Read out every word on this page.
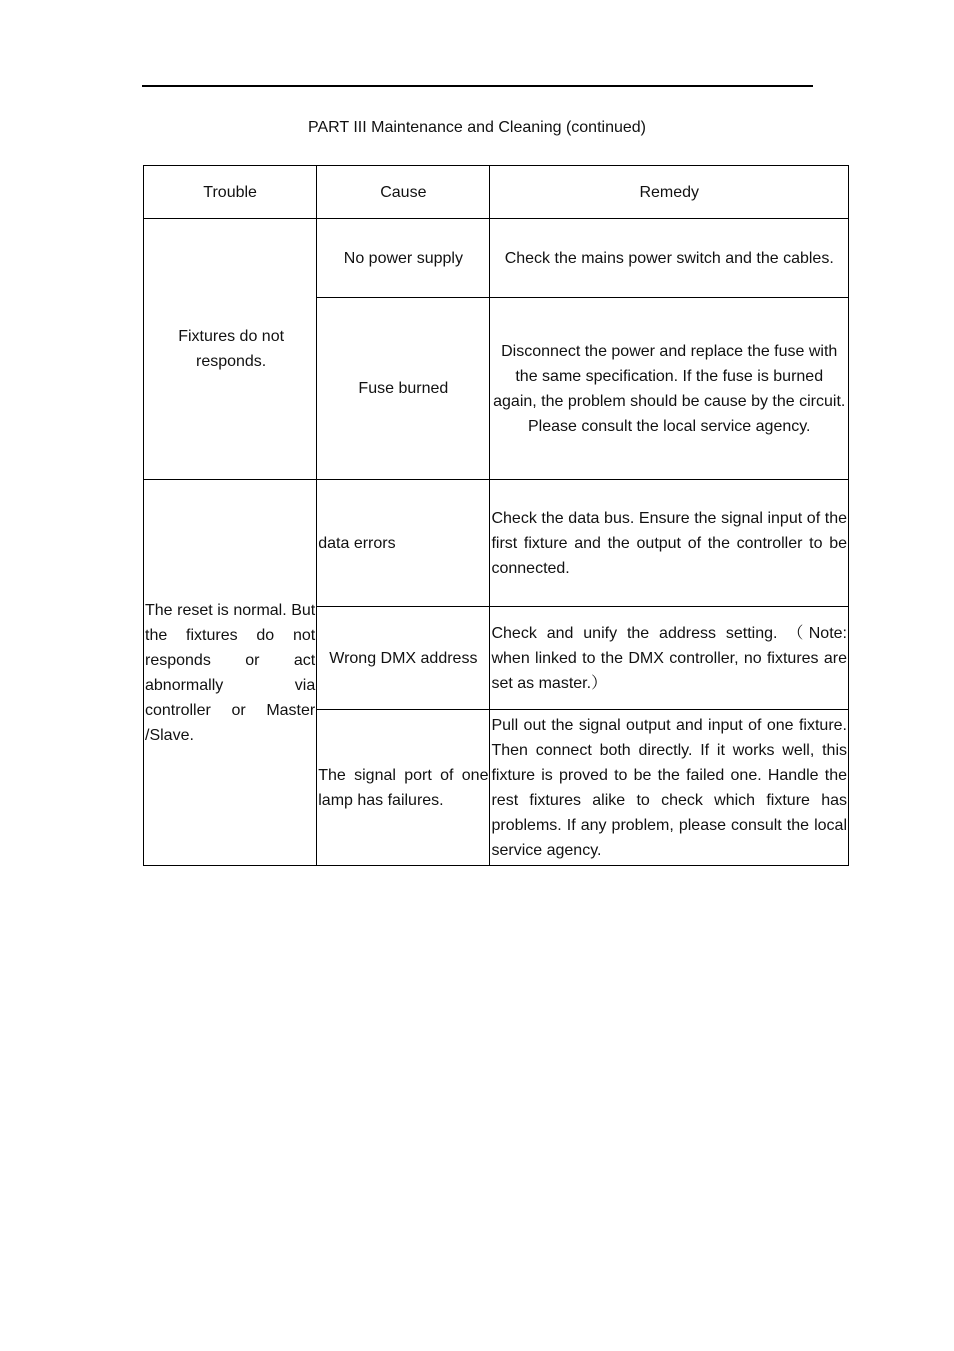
PART III Maintenance and Cleaning (continued)
Trouble	Cause	Remedy
Fixtures do not responds.	No power supply	Check the mains power switch and the cables.
	Fuse burned	Disconnect the power and replace the fuse with the same specification. If the fuse is burned again, the problem should be cause by the circuit. Please consult the local service agency.
The reset is normal. But the fixtures do not responds or act abnormally via controller or Master /Slave.	data errors	Check the data bus. Ensure the signal input of the first fixture and the output of the controller to be connected.
	Wrong DMX address	Check and unify the address setting. （Note: when linked to the DMX controller, no fixtures are set as master.）
	The signal port of one lamp has failures.	Pull out the signal output and input of one fixture. Then connect both directly. If it works well, this fixture is proved to be the failed one. Handle the rest fixtures alike to check which fixture has problems. If any problem, please consult the local service agency.
